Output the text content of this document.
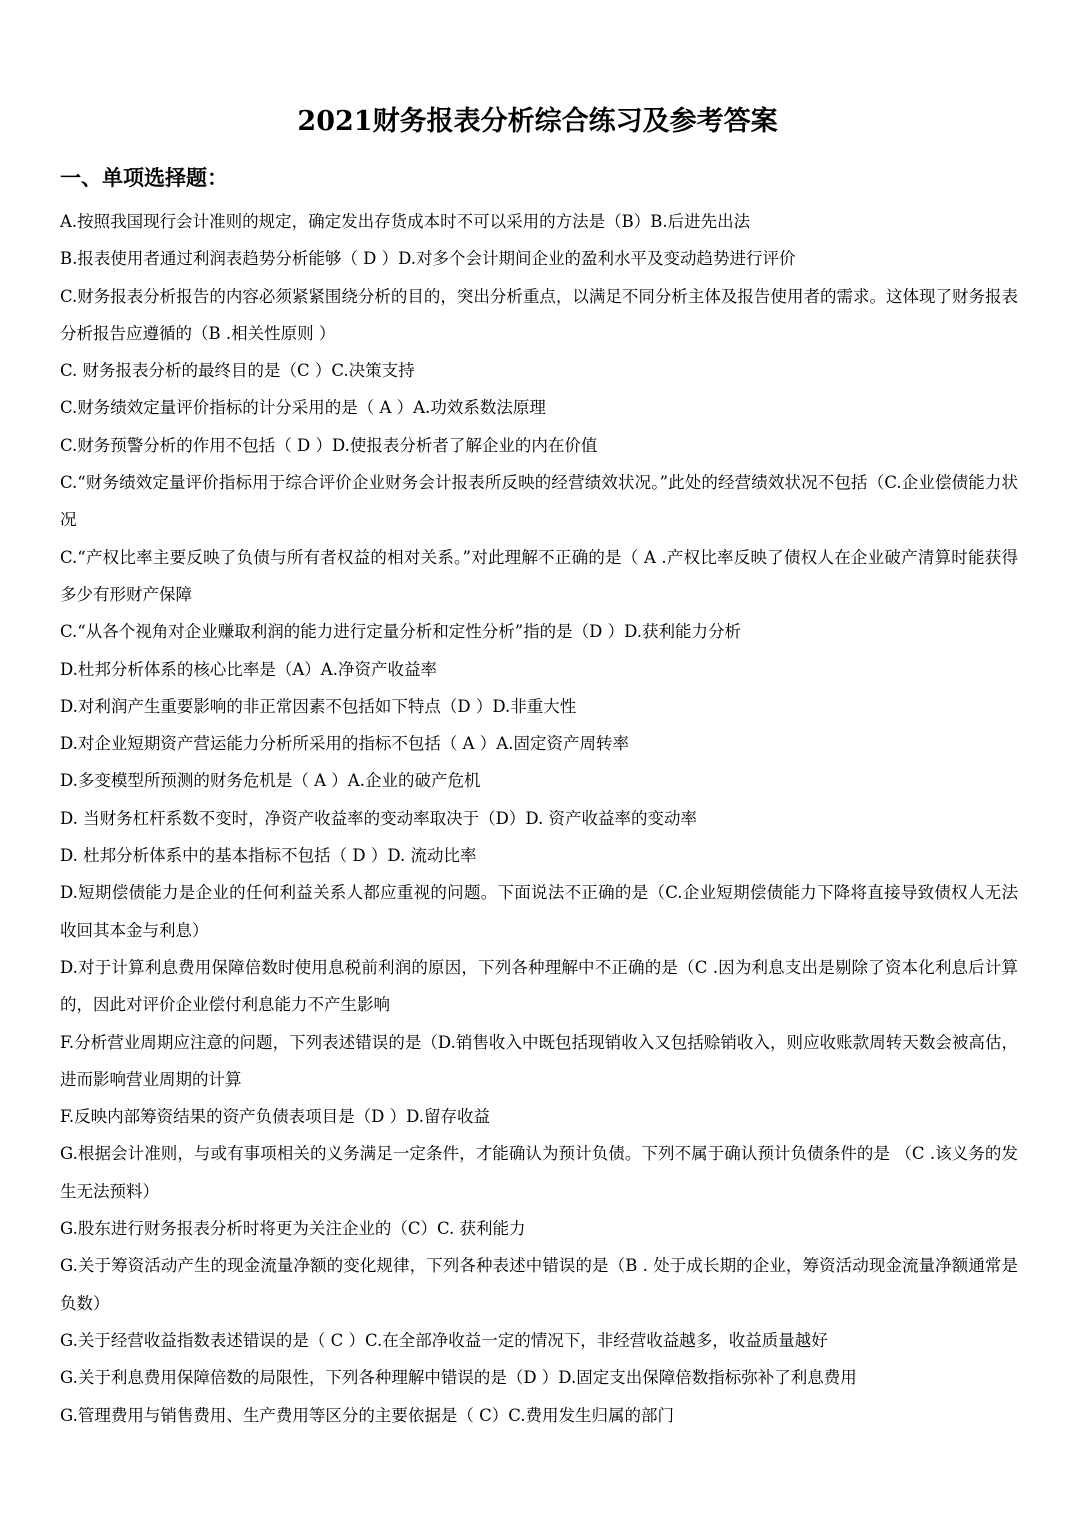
2021财务报表分析综合练习及参考答案
一、单项选择题：
A.按照我国现行会计准则的规定，确定发出存货成本时不可以采用的方法是（B）B.后进先出法
B.报表使用者通过利润表趋势分析能够（ D ）D.对多个会计期间企业的盈利水平及变动趋势进行评价
C.财务报表分析报告的内容必须紧紧围绕分析的目的，突出分析重点，以满足不同分析主体及报告使用者的需求。这体现了财务报表分析报告应遵循的（B .相关性原则 ）
C. 财务报表分析的最终目的是（C ）C.决策支持
C.财务绩效定量评价指标的计分采用的是（ A ）A.功效系数法原理
C.财务预警分析的作用不包括（ D ）D.使报表分析者了解企业的内在价值
C.“财务绩效定量评价指标用于综合评价企业财务会计报表所反映的经营绩效状况。”此处的经营绩效状况不包括（C.企业偿债能力状况
C.“产权比率主要反映了负债与所有者权益的相对关系。”对此理解不正确的是（ A .产权比率反映了债权人在企业破产清算时能获得多少有形财产保障
C.“从各个视角对企业赚取利润的能力进行定量分析和定性分析”指的是（D ）D.获利能力分析
D.杜邦分析体系的核心比率是（A）A.净资产收益率
D.对利润产生重要影响的非正常因素不包括如下特点（D ）D.非重大性
D.对企业短期资产营运能力分析所采用的指标不包括（ A ）A.固定资产周转率
D.多变模型所预测的财务危机是（ A ）A.企业的破产危机
D. 当财务杠杆系数不变时，净资产收益率的变动率取决于（D）D. 资产收益率的变动率
D. 杜邦分析体系中的基本指标不包括（ D ）D. 流动比率
D.短期偿债能力是企业的任何利益关系人都应重视的问题。下面说法不正确的是（C.企业短期偿债能力下降将直接导致债权人无法收回其本金与利息）
D.对于计算利息费用保障倍数时使用息税前利润的原因，下列各种理解中不正确的是（C .因为利息支出是剔除了资本化利息后计算的，因此对评价企业偿付利息能力不产生影响
F.分析营业周期应注意的问题，下列表述错误的是（D.销售收入中既包括现销收入又包括赊销收入，则应收账款周转天数会被高估，进而影响营业周期的计算
F.反映内部筹资结果的资产负债表项目是（D ）D.留存收益
G.根据会计准则，与或有事项相关的义务满足一定条件，才能确认为预计负债。下列不属于确认预计负债条件的是 （C .该义务的发生无法预料）
G.股东进行财务报表分析时将更为关注企业的（C）C. 获利能力
G.关于筹资活动产生的现金流量净额的变化规律，下列各种表述中错误的是（B . 处于成长期的企业，筹资活动现金流量净额通常是负数）
G.关于经营收益指数表述错误的是（ C ）C.在全部净收益一定的情况下，非经营收益越多，收益质量越好
G.关于利息费用保障倍数的局限性，下列各种理解中错误的是（D ）D.固定支出保障倍数指标弥补了利息费用
G.管理费用与销售费用、生产费用等区分的主要依据是（ C）C.费用发生归属的部门
